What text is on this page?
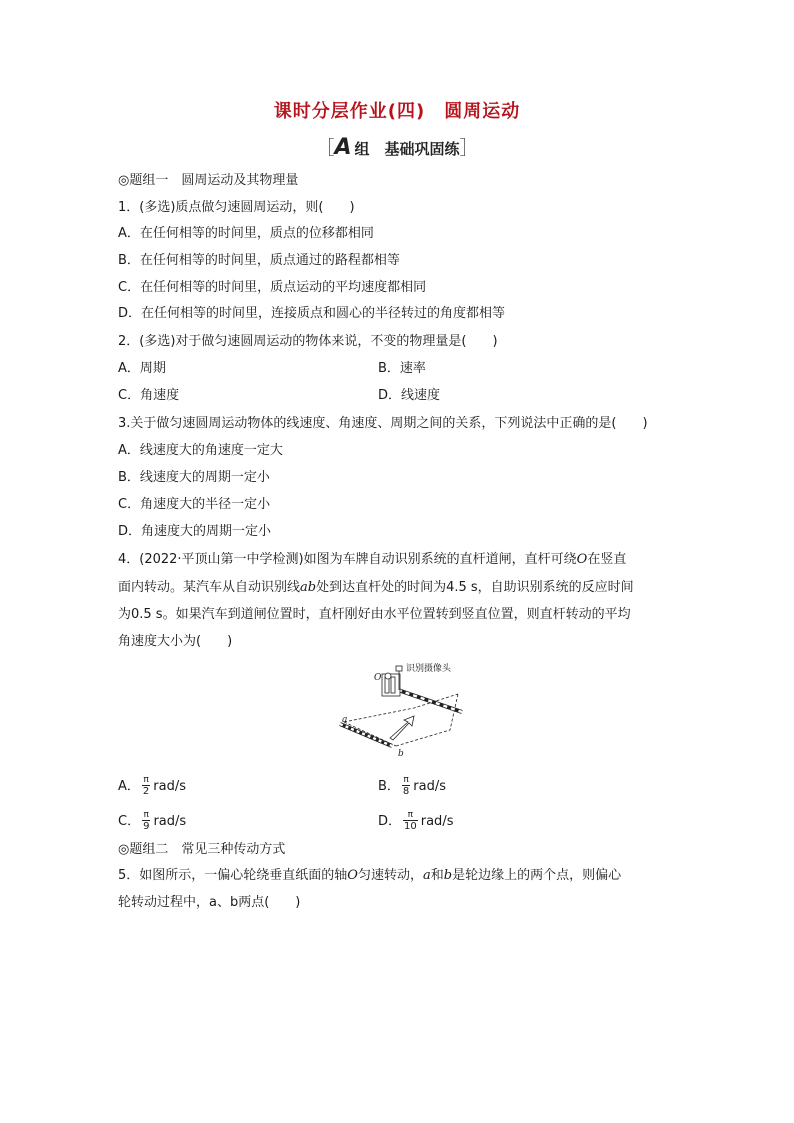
课时分层作业(四)　圆周运动
［A 组　基础巩固练］
◎题组一　圆周运动及其物理量
1．(多选)质点做匀速圆周运动，则(　　)
A．在任何相等的时间里，质点的位移都相同
B．在任何相等的时间里，质点通过的路程都相等
C．在任何相等的时间里，质点运动的平均速度都相同
D．在任何相等的时间里，连接质点和圆心的半径转过的角度都相等
2．(多选)对于做匀速圆周运动的物体来说，不变的物理量是(　　)
A．周期	B．速率
C．角速度	D．线速度
3.关于做匀速圆周运动物体的线速度、角速度、周期之间的关系，下列说法中正确的是(　　)
A．线速度大的角速度一定大
B．线速度大的周期一定小
C．角速度大的半径一定小
D．角速度大的周期一定小
4．(2022·平顶山第一中学检测)如图为车牌自动识别系统的直杆道闸，直杆可绕O在竖直
面内转动。某汽车从自动识别线ab处到达直杆处的时间为4.5 s，自助识别系统的反应时间
为0.5 s。如果汽车到道闸位置时，直杆刚好由水平位置转到竖直位置，则直杆转动的平均
角速度大小为(　　)
识别摄像头
O
a
b
A． $\frac{\pi}{2} rad/s$	B． $\frac{\pi}{8} rad/s$
C． $\frac{\pi}{9} rad/s$	D． $\frac{\pi}{10} rad/s$
◎题组二　常见三种传动方式
5．如图所示，一偏心轮绕垂直纸面的轴O匀速转动，a和b是轮边缘上的两个点，则偏心
轮转动过程中，a、b两点(　　)
